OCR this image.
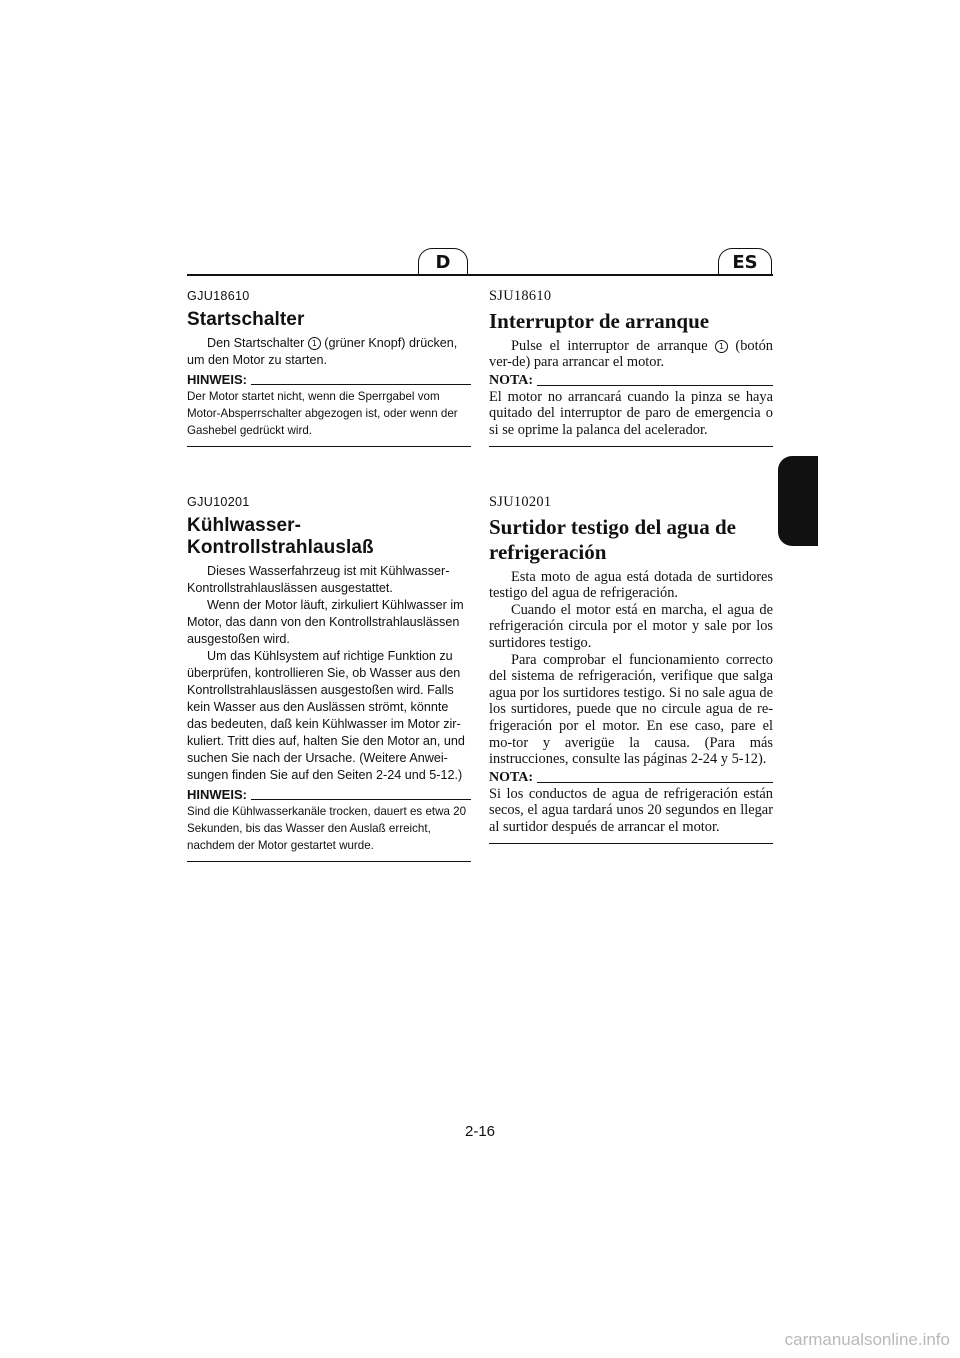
D	ES

GJU18610

Startschalter

Den Startschalter 1 (grüner Knopf) drücken, um den Motor zu starten.

HINWEIS:

Der Motor startet nicht, wenn die Sperrgabel vom Motor-Absperrschalter abgezogen ist, oder wenn der Gashebel gedrückt wird.

SJU18610

Interruptor de arranque

Pulse el interruptor de arranque 1 (botón ver-de) para arrancar el motor.

NOTA:

El motor no arrancará cuando la pinza se haya quitado del interruptor de paro de emergencia o si se oprime la palanca del acelerador.

GJU10201

Kühlwasser-Kontrollstrahlauslaß

Dieses Wasserfahrzeug ist mit Kühlwasser-Kontrollstrahlauslässen ausgestattet.

Wenn der Motor läuft, zirkuliert Kühlwasser im Motor, das dann von den Kontrollstrahlauslässen ausgestoßen wird.

Um das Kühlsystem auf richtige Funktion zu überprüfen, kontrollieren Sie, ob Wasser aus den Kontrollstrahlauslässen ausgestoßen wird. Falls kein Wasser aus den Auslässen strömt, könnte das bedeuten, daß kein Kühlwasser im Motor zir-kuliert. Tritt dies auf, halten Sie den Motor an, und suchen Sie nach der Ursache. (Weitere Anwei-sungen finden Sie auf den Seiten 2-24 und 5-12.)

HINWEIS:

Sind die Kühlwasserkanäle trocken, dauert es etwa 20 Sekunden, bis das Wasser den Auslaß erreicht, nachdem der Motor gestartet wurde.

SJU10201

Surtidor testigo del agua de refrigeración

Esta moto de agua está dotada de surtidores testigo del agua de refrigeración.

Cuando el motor está en marcha, el agua de refrigeración circula por el motor y sale por los surtidores testigo.

Para comprobar el funcionamiento correcto del sistema de refrigeración, verifique que salga agua por los surtidores testigo. Si no sale agua de los surtidores, puede que no circule agua de re-frigeración por el motor. En ese caso, pare el mo-tor y averigüe la causa. (Para más instrucciones, consulte las páginas 2-24 y 5-12).

NOTA:

Si los conductos de agua de refrigeración están secos, el agua tardará unos 20 segundos en llegar al surtidor después de arrancar el motor.

2-16
carmanualsonline.info
